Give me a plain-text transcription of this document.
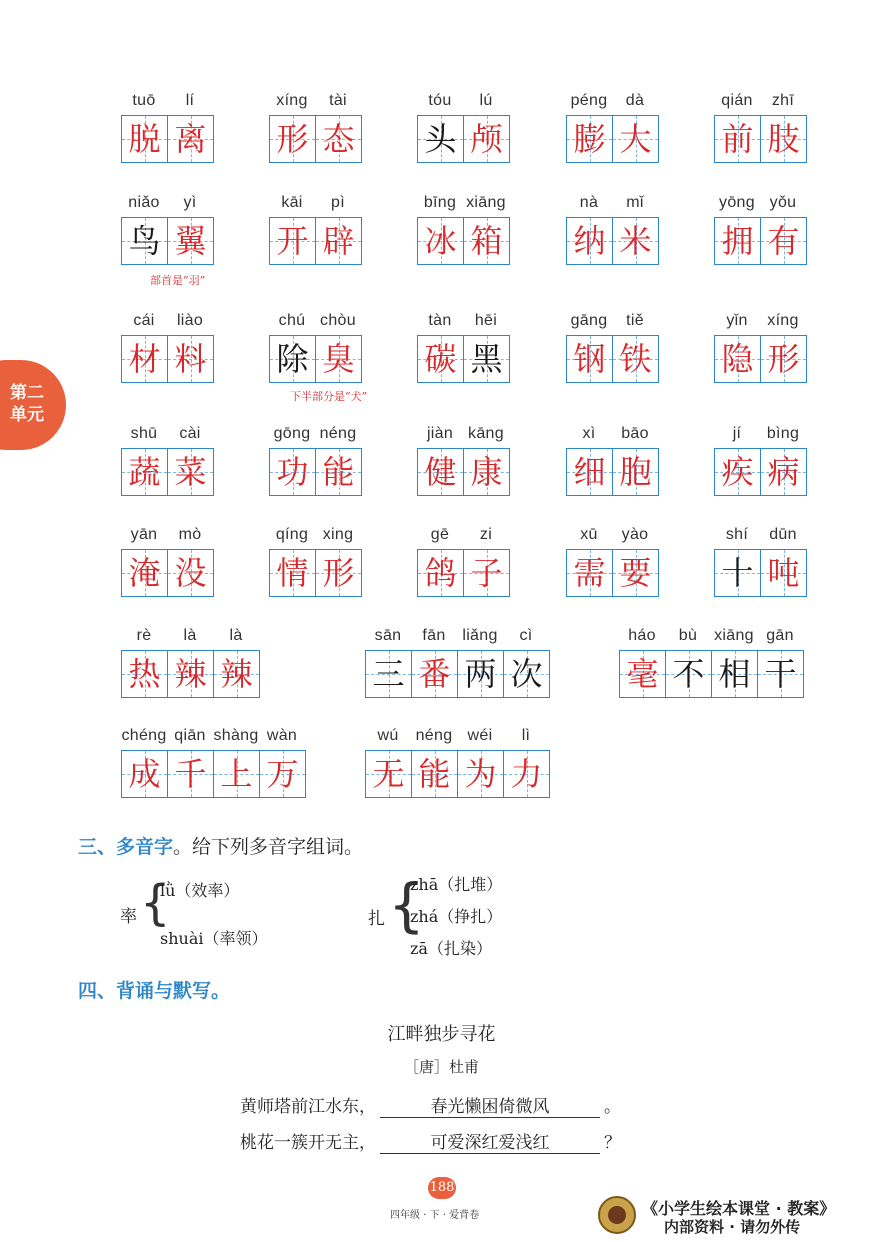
第二
单元
tuō	lí
脱 离
xíng	tài
形 态
tóu	lú
头 颅
péng	dà
膨 大
qián	zhī
前 肢
niǎo	yì
鸟 翼
kāi	pì
开 辟
bīng xiāng
冰 箱
nà	mǐ
纳 米
yōng yǒu
拥 有
cái	liào
材 料
chú chòu
除 臭
tàn	hēi
碳 黑
gāng	tiě
钢 铁
yǐn	xíng
隐 形
shū	cài
蔬 菜
gōng néng
功 能
jiàn kāng
健 康
xì	bāo
细 胞
jí	bìng
疾 病
yān	mò
淹 没
qíng xing
情 形
gē	zi
鸽 子
xū	yào
需 要
shí	dūn
十 吨
rè	là	là
热 辣 辣
sān	fān	liǎng	cì
三 番 两 次
háo	bù	xiāng gān
毫 不 相 干
chéng qiān shàng wàn
成 千 上 万
wú	néng wéi	lì
无 能 为 力
部首是“羽”
下半部分是“犬”
三、多音字。给下列多音字组词。
率 {
lǜ（效率）
shuài（率领）
扎 {
zhā（扎堆）
zhá（挣扎）
zā（扎染）
四、背诵与默写。
江畔独步寻花
［唐］杜甫
黄师塔前江水东，	春光懒困倚微风	。
桃花一簇开无主，	可爱深红爱浅红	？
188
四年级 · 下 · 爱背卷	《小学生绘本课堂 · 教案》
内部资料 · 请勿外传
